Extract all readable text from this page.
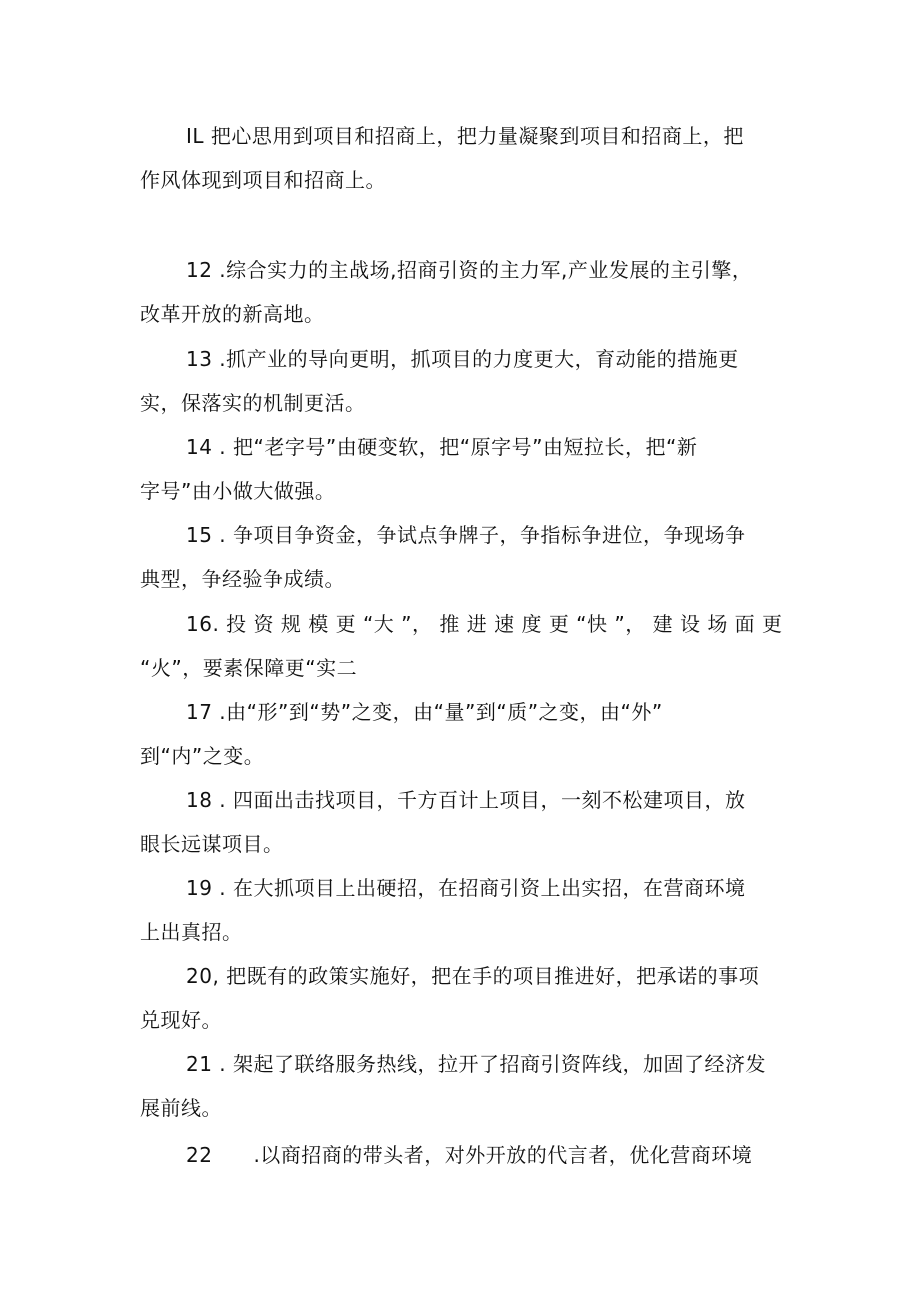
IL 把心思用到项目和招商上，把力量凝聚到项目和招商上，把
作风体现到项目和招商上。

12 .综合实力的主战场,招商引资的主力军,产业发展的主引擎，
改革开放的新高地。

13 .抓产业的导向更明，抓项目的力度更大，育动能的措施更
实，保落实的机制更活。

14 . 把“老字号”由硬变软，把“原字号”由短拉长，把“新
字号”由小做大做强。

15 . 争项目争资金，争试点争牌子，争指标争进位，争现场争
典型，争经验争成绩。

16. 投 资 规 模 更 “大 ”， 推 进 速 度 更 “快 ”， 建 设 场 面 更
“火”，要素保障更“实二

17 .由“形”到“势”之变，由“量”到“质”之变，由“外”
到“内”之变。

18 . 四面出击找项目，千方百计上项目，一刻不松建项目，放
眼长远谋项目。

19 . 在大抓项目上出硬招，在招商引资上出实招，在营商环境
上出真招。

20, 把既有的政策实施好，把在手的项目推进好，把承诺的事项
兑现好。

21 . 架起了联络服务热线，拉开了招商引资阵线，加固了经济发
展前线。

22　　.以商招商的带头者，对外开放的代言者，优化营商环境
